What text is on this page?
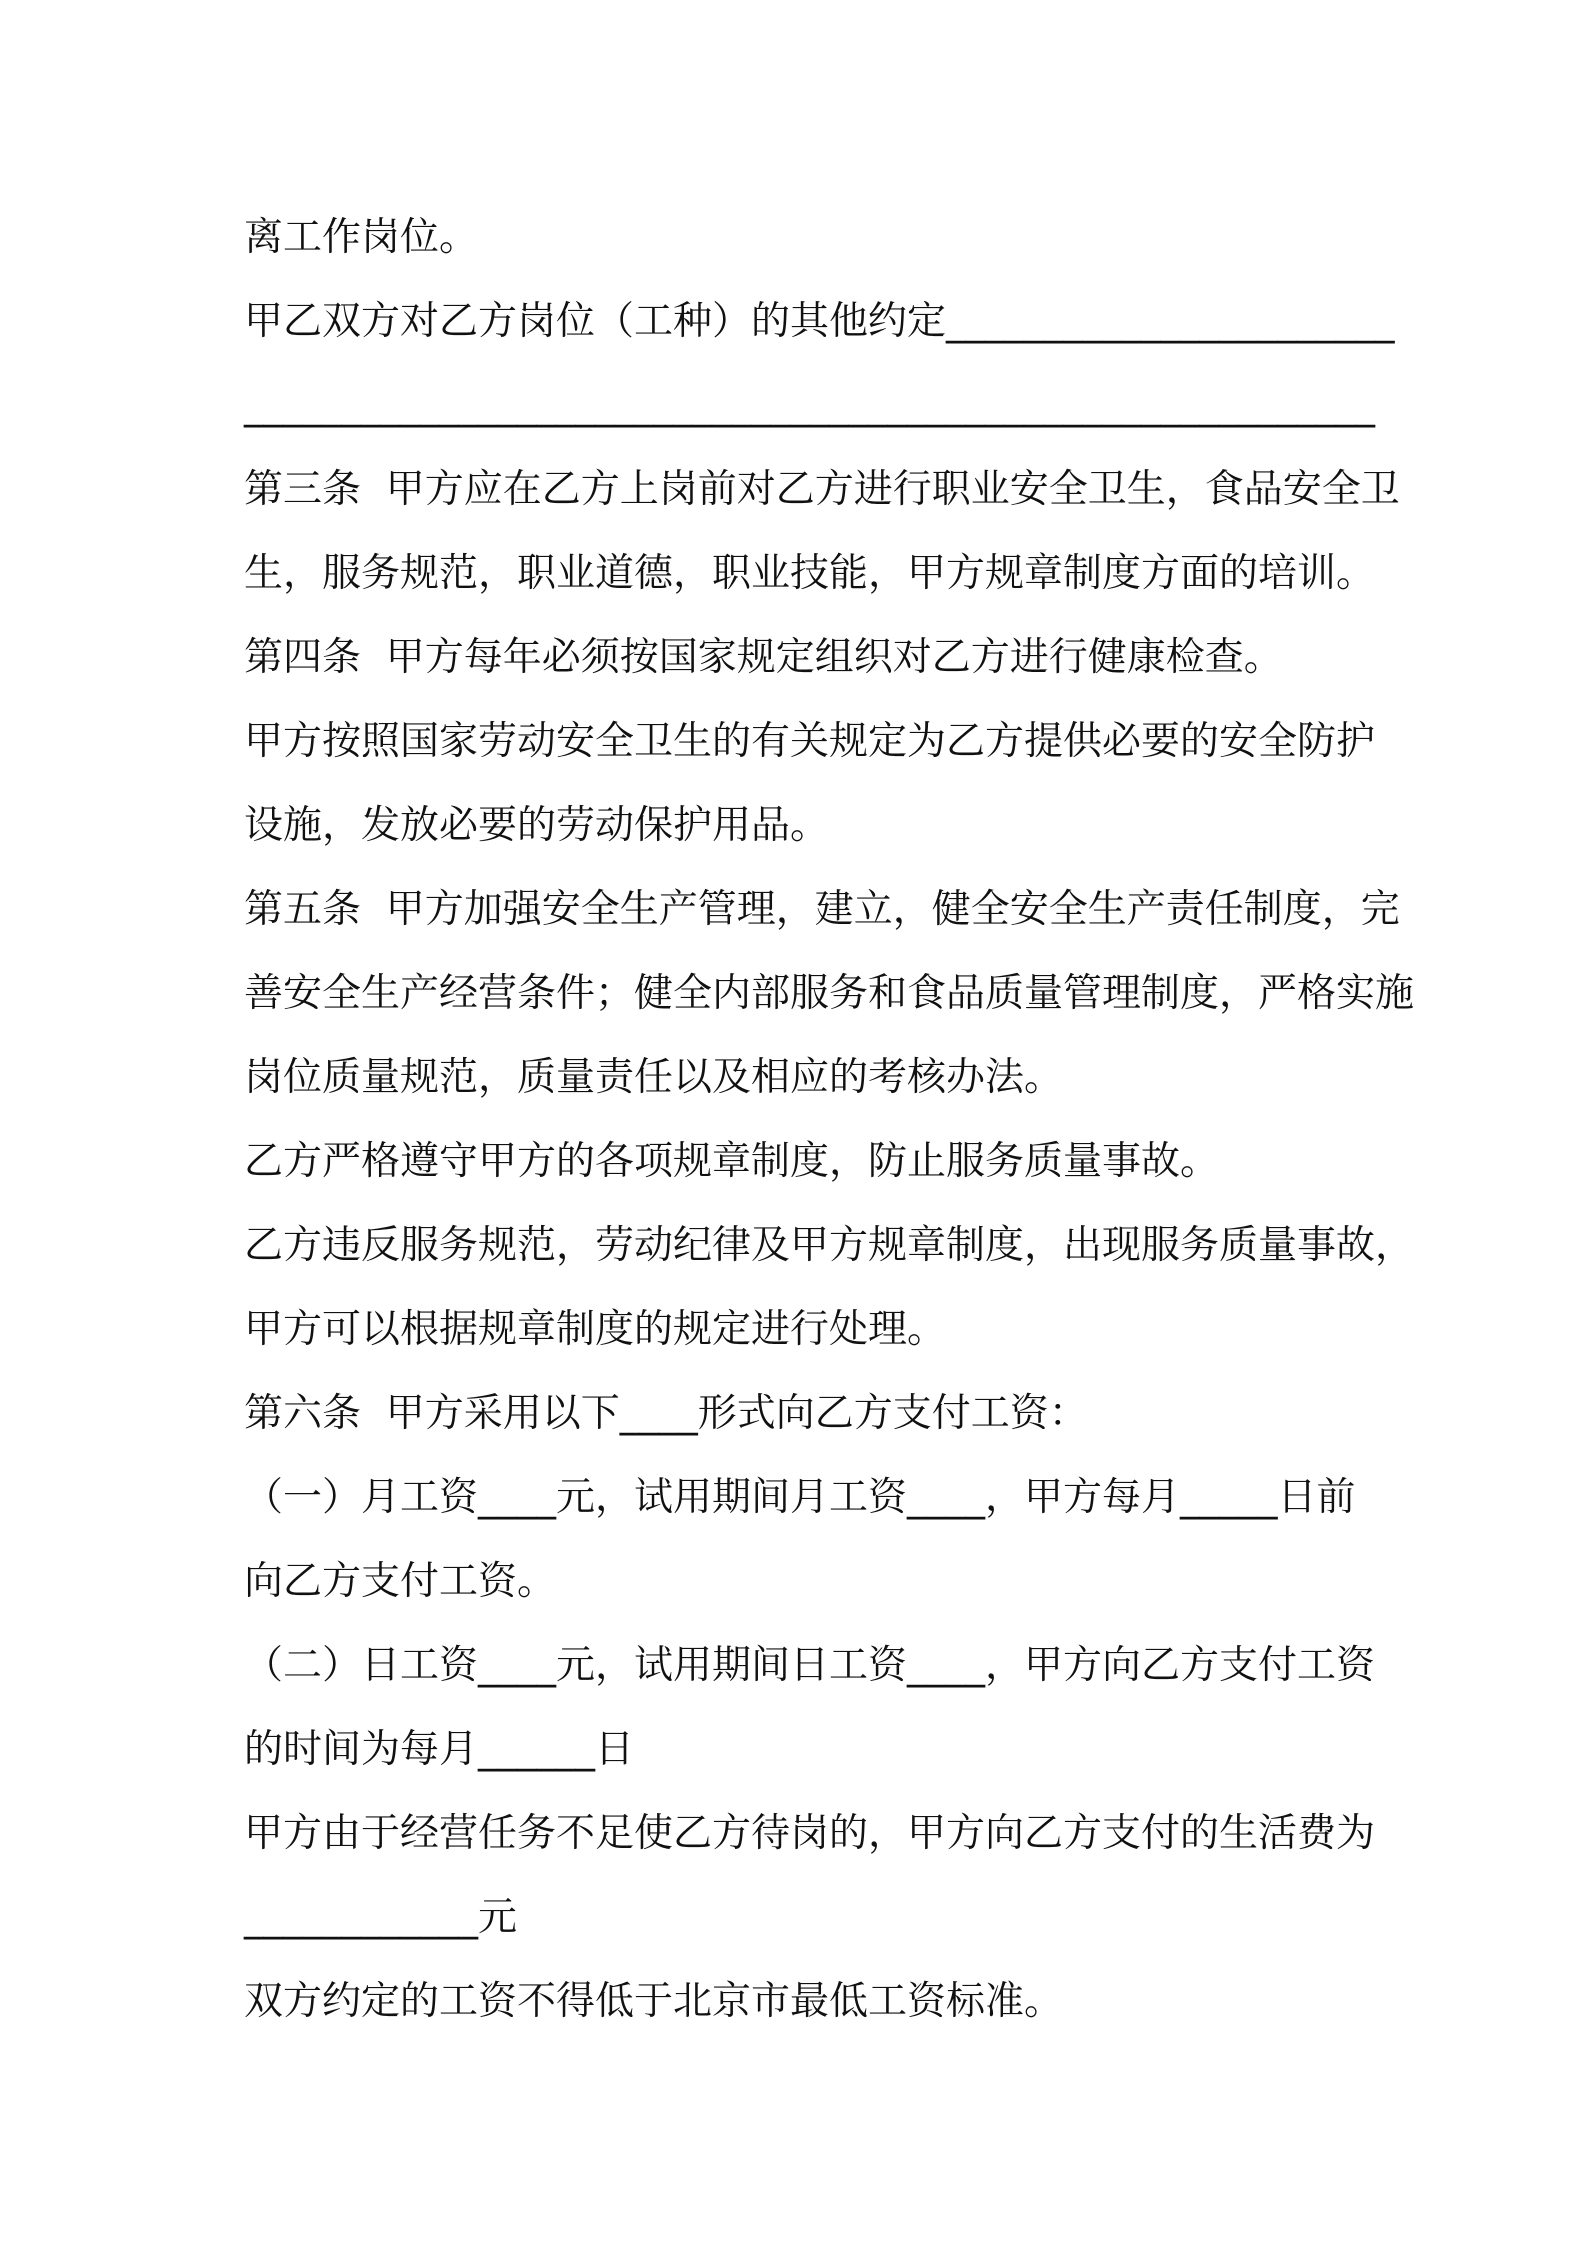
离工作岗位。
甲乙双方对乙方岗位（工种）的其他约定_______________________
__________________________________________________________
第三条  甲方应在乙方上岗前对乙方进行职业安全卫生，食品安全卫
生，服务规范，职业道德，职业技能，甲方规章制度方面的培训。
第四条  甲方每年必须按国家规定组织对乙方进行健康检查。
甲方按照国家劳动安全卫生的有关规定为乙方提供必要的安全防护
设施，发放必要的劳动保护用品。
第五条  甲方加强安全生产管理，建立，健全安全生产责任制度，完
善安全生产经营条件；健全内部服务和食品质量管理制度，严格实施
岗位质量规范，质量责任以及相应的考核办法。
乙方严格遵守甲方的各项规章制度，防止服务质量事故。
乙方违反服务规范，劳动纪律及甲方规章制度，出现服务质量事故，
甲方可以根据规章制度的规定进行处理。
第六条  甲方采用以下____形式向乙方支付工资：
（一）月工资____元，试用期间月工资____，甲方每月_____日前
向乙方支付工资。
（二）日工资____元，试用期间日工资____，甲方向乙方支付工资
的时间为每月______日
甲方由于经营任务不足使乙方待岗的，甲方向乙方支付的生活费为
____________元
双方约定的工资不得低于北京市最低工资标准。
